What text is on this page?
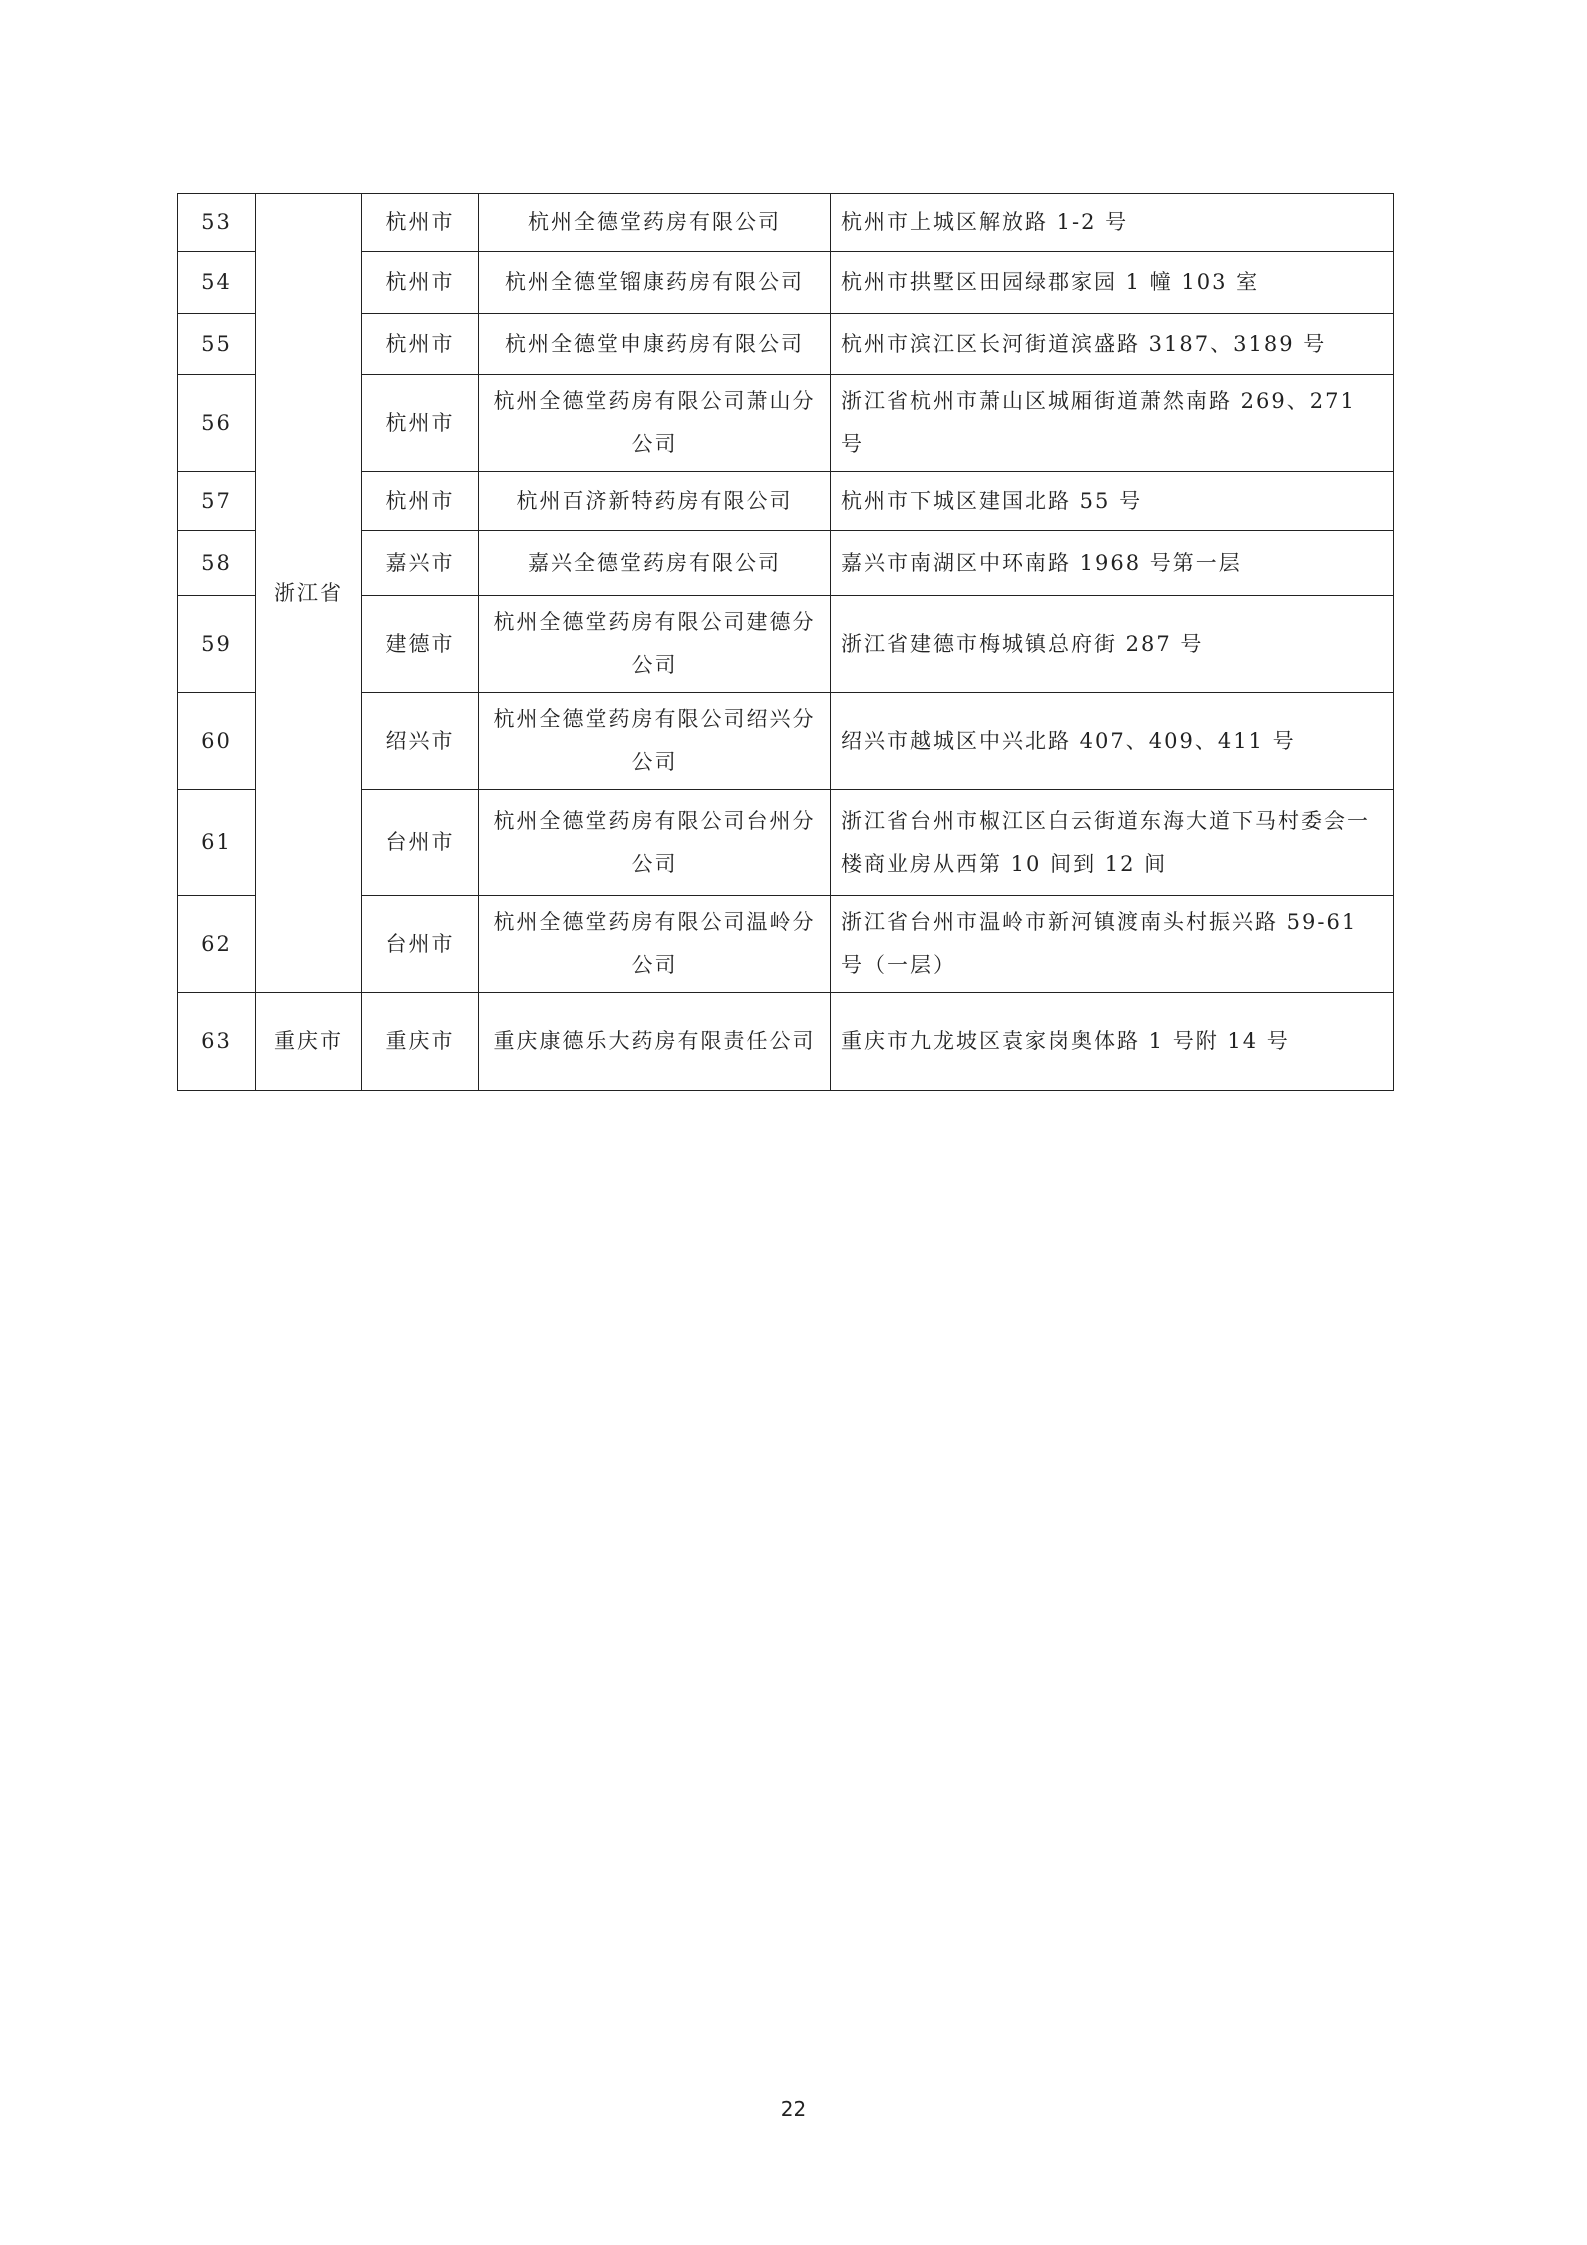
53	浙江省	杭州市	杭州全德堂药房有限公司	杭州市上城区解放路 1-2 号
54		杭州市	杭州全德堂镏康药房有限公司	杭州市拱墅区田园绿郡家园 1 幢 103 室
55		杭州市	杭州全德堂申康药房有限公司	杭州市滨江区长河街道滨盛路 3187、3189 号
56		杭州市	杭州全德堂药房有限公司萧山分公司	浙江省杭州市萧山区城厢街道萧然南路 269、271 号
57		杭州市	杭州百济新特药房有限公司	杭州市下城区建国北路 55 号
58		嘉兴市	嘉兴全德堂药房有限公司	嘉兴市南湖区中环南路 1968 号第一层
59		建德市	杭州全德堂药房有限公司建德分公司	浙江省建德市梅城镇总府街 287 号
60		绍兴市	杭州全德堂药房有限公司绍兴分公司	绍兴市越城区中兴北路 407、409、411 号
61		台州市	杭州全德堂药房有限公司台州分公司	浙江省台州市椒江区白云街道东海大道下马村委会一楼商业房从西第 10 间到 12 间
62		台州市	杭州全德堂药房有限公司温岭分公司	浙江省台州市温岭市新河镇渡南头村振兴路 59-61 号（一层）
63	重庆市	重庆市	重庆康德乐大药房有限责任公司	重庆市九龙坡区袁家岗奥体路 1 号附 14 号
22
